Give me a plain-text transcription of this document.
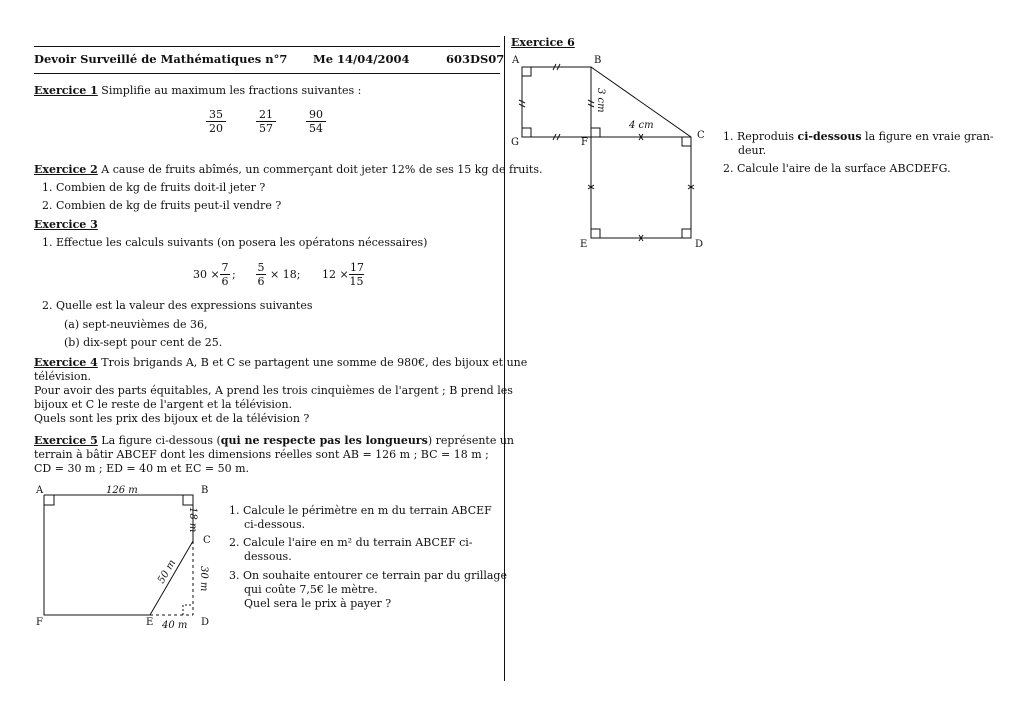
Devoir Surveillé de Mathématiques n°7 Me 14/04/2004	603DS07
Exercice 1 Simplifie au maximum les fractions suivantes :
$\frac{35}{20}$	$\frac{21}{57}$	$\frac{90}{54}$
Exercice 2 A cause de fruits abîmés, un commerçant doit jeter 12% de ses 15 kg de fruits.
1. Combien de kg de fruits doit-il jeter ?
2. Combien de kg de fruits peut-il vendre ?
Exercice 3
1. Effectue les calculs suivants (on posera les opératons nécessaires)
$30 \times \frac{7}{6}$ ; $\frac{5}{6} \times 18$; $12 \times \frac{17}{15}$
2. Quelle est la valeur des expressions suivantes
(a) sept-neuvièmes de 36,
(b) dix-sept pour cent de 25.
Exercice 4 Trois brigands A, B et C se partagent une somme de 980€, des bijoux et une
télévision.
Pour avoir des parts équitables, A prend les trois cinquièmes de l'argent ; B prend les
bijoux et C le reste de l'argent et la télévision.
Quels sont les prix des bijoux et de la télévision ?
Exercice 5 La figure ci-dessous (qui ne respecte pas les longueurs) représente un
terrain à bâtir ABCEF dont les dimensions réelles sont AB = 126 m ; BC = 18 m ;
CD = 30 m ; ED = 40 m et EC = 50 m.
A	B
C
D
E
F
126 m
18 m
30 m
50 m
40 m
1. Calcule le périmètre en m du terrain ABCEF
ci-dessous.
2. Calcule l'aire en m² du terrain ABCEF ci-
dessous.
3. On souhaite entourer ce terrain par du grillage
qui coûte 7,5€ le mètre.
Quel sera le prix à payer ?
Exercice 6
A	B
C
D
E
F
G
3 cm
4 cm
1. Reproduis ci-dessous la figure en vraie gran-
deur.
2. Calcule l'aire de la surface ABCDEFG.
